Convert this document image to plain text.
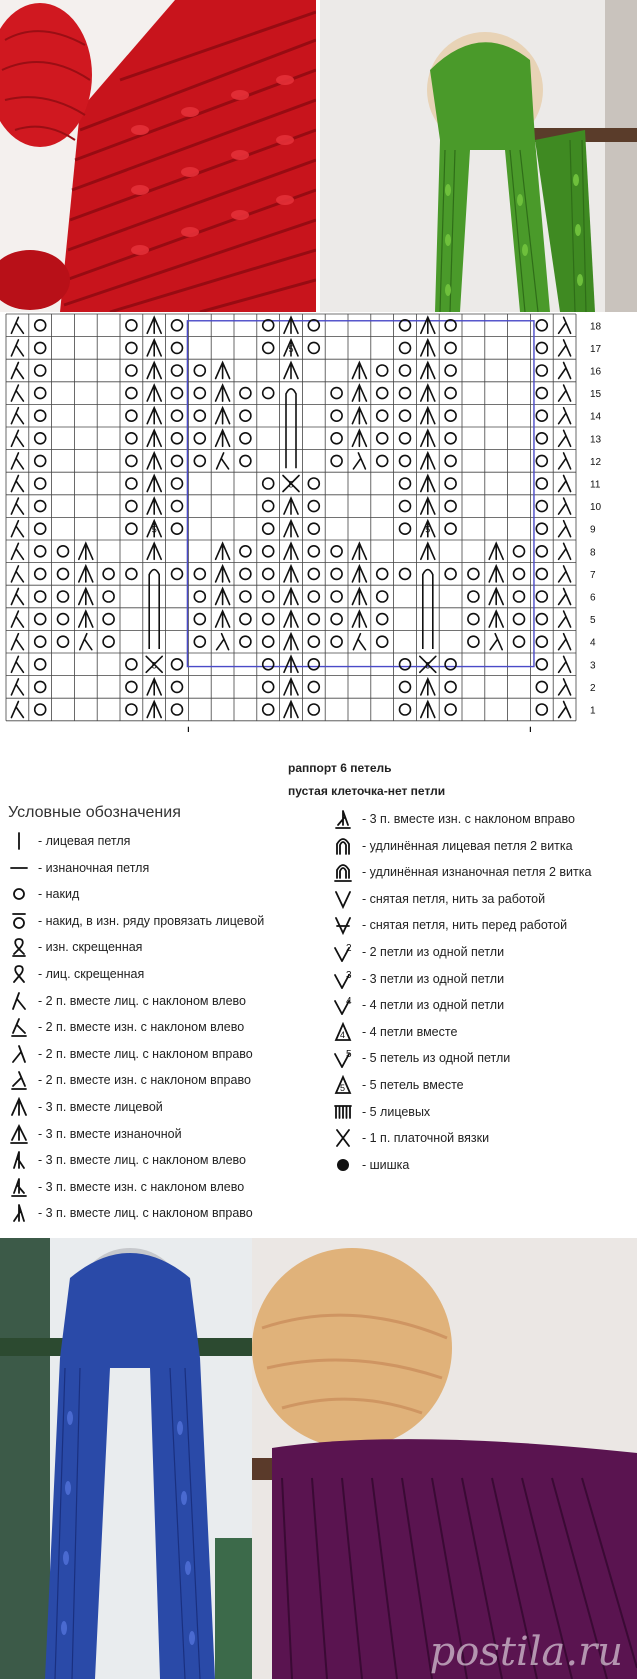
5
5	5
5
5	5
18
17
16
15
14
13
12
11
10
9
8
7
6
5
4
3
2
1
раппорт 6 петель
пустая клеточка-нет петли
Условные обозначения
- лицевая петля
- изнаночная петля
- накид
- накид, в изн. ряду провязать лицевой
- изн. скрещенная
- лиц. скрещенная
- 2 п. вместе лиц. с наклоном влево
- 2 п. вместе изн. с наклоном влево
- 2 п. вместе лиц. с наклоном вправо
- 2 п. вместе изн. с наклоном вправо
- 3 п. вместе лицевой
- 3 п. вместе изнаночной
- 3 п. вместе лиц. с наклоном влево
- 3 п. вместе изн. с наклоном влево
- 3 п. вместе лиц. с наклоном вправо
- 3 п. вместе изн. с наклоном вправо
- удлинённая лицевая петля 2 витка
- удлинённая изнаночная петля 2 витка
- снятая петля, нить за работой
- снятая петля, нить перед работой
2 - 2 петли из одной петли
3 - 3 петли из одной петли
4 - 4 петли из одной петли
4 - 4 петли вместе
5 - 5 петель из одной петли
5 - 5 петель вместе
- 5 лицевых
- 1 п. платочной вязки
- шишка
postila.ru
